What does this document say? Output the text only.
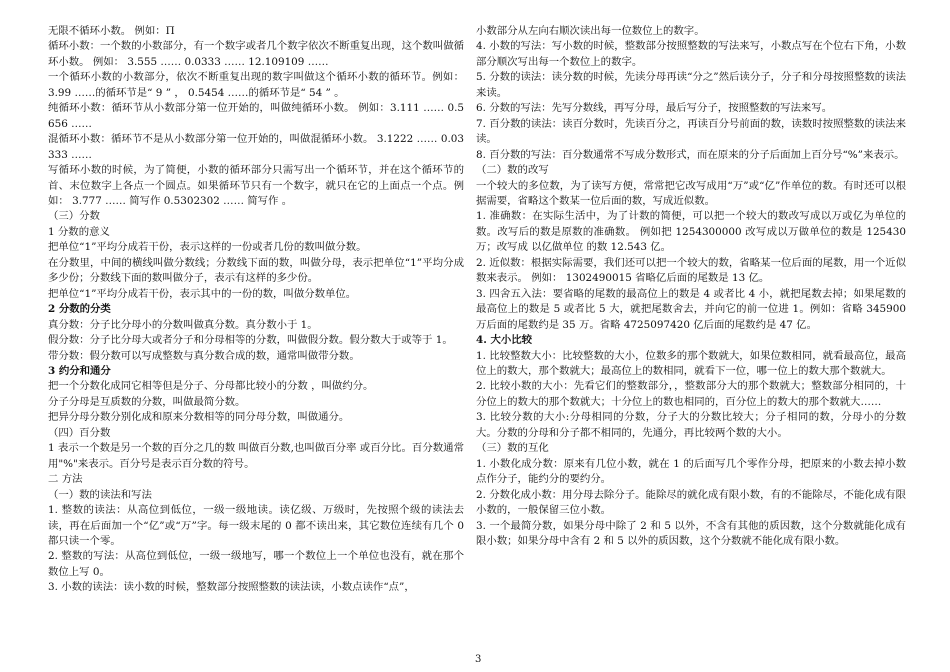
无限不循环小数。 例如：Π

循环小数：一个数的小数部分，有一个数字或者几个数字依次不断重复出现，这个数叫做循环小数。 例如： 3.555 …… 0.0333 …… 12.109109 ……

一个循环小数的小数部分，依次不断重复出现的数字叫做这个循环小数的循环节。例如： 3.99 ……的循环节是“ 9 ” ， 0.5454 ……的循环节是“ 54 ” 。

纯循环小数：循环节从小数部分第一位开始的，叫做纯循环小数。 例如：3.111 …… 0.5656 ……

混循环小数：循环节不是从小数部分第一位开始的，叫做混循环小数。 3.1222 …… 0.03333 ……

写循环小数的时候，为了简便，小数的循环部分只需写出一个循环节，并在这个循环节的首、末位数字上各点一个圆点。如果循环节只有一个数字，就只在它的上面点一个点。例如： 3.777 …… 简写作 0.5302302 …… 简写作 。

（三）分数

1 分数的意义

把单位“1”平均分成若干份，表示这样的一份或者几份的数叫做分数。

在分数里，中间的横线叫做分数线；分数线下面的数，叫做分母，表示把单位“1”平均分成多少份；分数线下面的数叫做分子，表示有这样的多少份。

把单位“1”平均分成若干份，表示其中的一份的数，叫做分数单位。

2 分数的分类

真分数：分子比分母小的分数叫做真分数。真分数小于 1。

假分数：分子比分母大或者分子和分母相等的分数，叫做假分数。假分数大于或等于 1。

带分数：假分数可以写成整数与真分数合成的数，通常叫做带分数。

3 约分和通分

把一个分数化成同它相等但是分子、分母都比较小的分数 ，叫做约分。

分子分母是互质数的分数，叫做最简分数。

把异分母分数分别化成和原来分数相等的同分母分数，叫做通分。

（四）百分数

1 表示一个数是另一个数的百分之几的数 叫做百分数,也叫做百分率 或百分比。百分数通常用"%"来表示。百分号是表示百分数的符号。

二 方法

（一）数的读法和写法

1. 整数的读法：从高位到低位，一级一级地读。读亿级、万级时，先按照个级的读法去读，再在后面加一个“亿”或“万”字。每一级末尾的 0 都不读出来，其它数位连续有几个 0 都只读一个零。

2. 整数的写法：从高位到低位，一级一级地写，哪一个数位上一个单位也没有，就在那个数位上写 0。

3. 小数的读法：读小数的时候，整数部分按照整数的读法读，小数点读作“点”，

小数部分从左向右顺次读出每一位数位上的数字。

4. 小数的写法：写小数的时候，整数部分按照整数的写法来写，小数点写在个位右下角，小数部分顺次写出每一个数位上的数字。

5. 分数的读法：读分数的时候，先读分母再读“分之”然后读分子，分子和分母按照整数的读法来读。

6. 分数的写法：先写分数线，再写分母，最后写分子，按照整数的写法来写。

7. 百分数的读法：读百分数时，先读百分之，再读百分号前面的数，读数时按照整数的读法来读。

8. 百分数的写法：百分数通常不写成分数形式，而在原来的分子后面加上百分号“%”来表示。

（二）数的改写

一个较大的多位数，为了读写方便，常常把它改写成用“万”或“亿”作单位的数。有时还可以根据需要，省略这个数某一位后面的数，写成近似数。

1. 准确数：在实际生活中，为了计数的简便，可以把一个较大的数改写成以万或亿为单位的数。改写后的数是原数的准确数。 例如把 1254300000 改写成以万做单位的数是 125430 万；改写成 以亿做单位 的数 12.543 亿。

2. 近似数：根据实际需要，我们还可以把一个较大的数，省略某一位后面的尾数，用一个近似数来表示。 例如： 1302490015 省略亿后面的尾数是 13 亿。

3. 四舍五入法：要省略的尾数的最高位上的数是 4 或者比 4 小，就把尾数去掉；如果尾数的最高位上的数是 5 或者比 5 大，就把尾数舍去，并向它的前一位进 1。例如：省略 345900 万后面的尾数约是 35 万。省略 4725097420 亿后面的尾数约是 47 亿。

4. 大小比较

1. 比较整数大小：比较整数的大小，位数多的那个数就大，如果位数相同，就看最高位，最高位上的数大，那个数就大；最高位上的数相同，就看下一位，哪一位上的数大那个数就大。

2. 比较小数的大小：先看它们的整数部分，，整数部分大的那个数就大；整数部分相同的，十分位上的数大的那个数就大；十分位上的数也相同的，百分位上的数大的那个数就大……

3. 比较分数的大小:分母相同的分数，分子大的分数比较大；分子相同的数，分母小的分数大。分数的分母和分子都不相同的，先通分，再比较两个数的大小。

（三）数的互化

1. 小数化成分数：原来有几位小数，就在 1 的后面写几个零作分母，把原来的小数去掉小数点作分子，能约分的要约分。

2. 分数化成小数：用分母去除分子。能除尽的就化成有限小数，有的不能除尽，不能化成有限小数的，一般保留三位小数。

3. 一个最简分数，如果分母中除了 2 和 5 以外，不含有其他的质因数，这个分数就能化成有限小数；如果分母中含有 2 和 5 以外的质因数，这个分数就不能化成有限小数。

3
